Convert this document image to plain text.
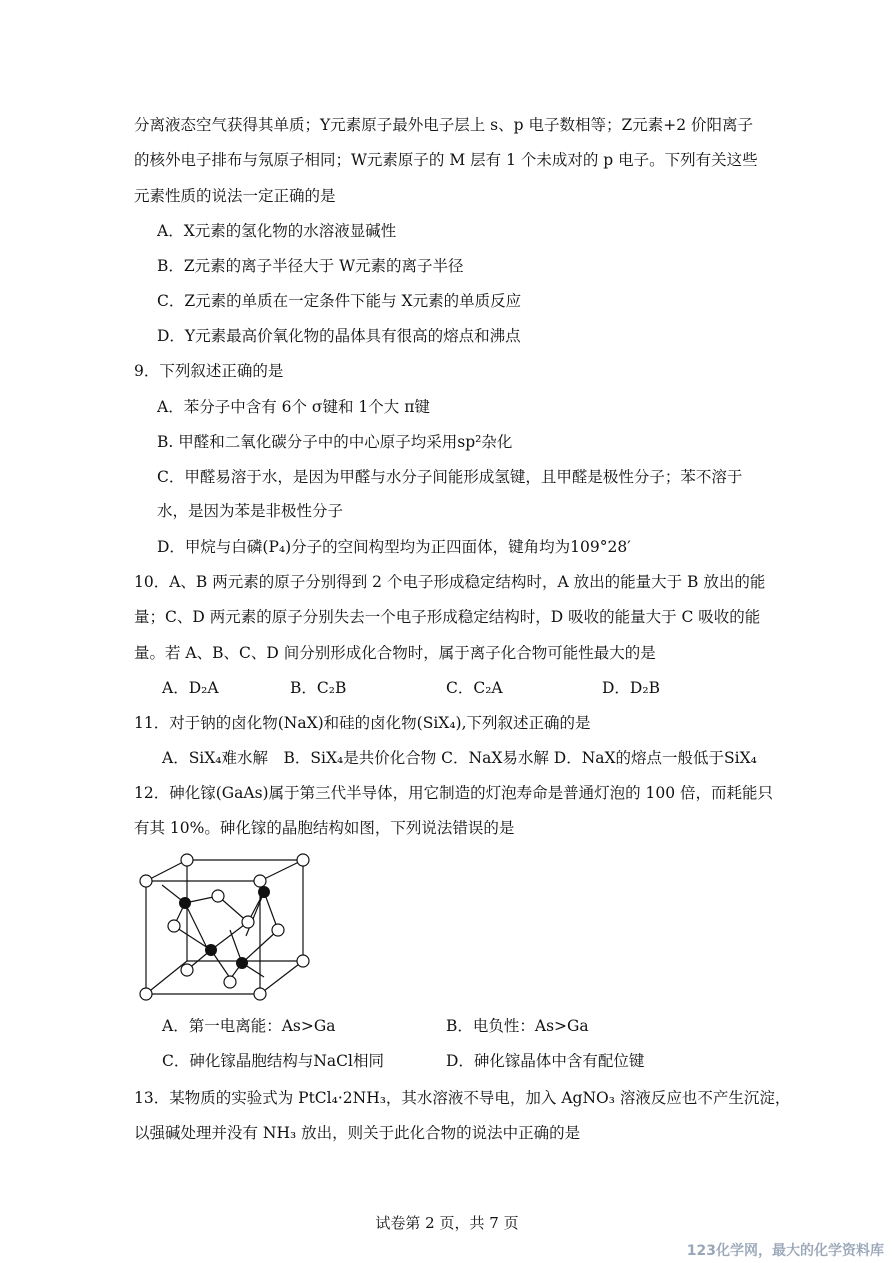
分离液态空气获得其单质；Y元素原子最外电子层上 s、p 电子数相等；Z元素+2 价阳离子
的核外电子排布与氖原子相同；W元素原子的 M 层有 1 个未成对的 p 电子。下列有关这些
元素性质的说法一定正确的是
A．X元素的氢化物的水溶液显碱性
B．Z元素的离子半径大于 W元素的离子半径
C．Z元素的单质在一定条件下能与 X元素的单质反应
D．Y元素最高价氧化物的晶体具有很高的熔点和沸点
9．下列叙述正确的是
A．苯分子中含有 6个 σ键和 1个大 π键
B. 甲醛和二氧化碳分子中的中心原子均采用sp²杂化
C．甲醛易溶于水，是因为甲醛与水分子间能形成氢键，且甲醛是极性分子；苯不溶于
水，是因为苯是非极性分子
D．甲烷与白磷(P₄)分子的空间构型均为正四面体，键角均为109°28′
10．A、B 两元素的原子分别得到 2 个电子形成稳定结构时，A 放出的能量大于 B 放出的能
量；C、D 两元素的原子分别失去一个电子形成稳定结构时，D 吸收的能量大于 C 吸收的能
量。若 A、B、C、D 间分别形成化合物时，属于离子化合物可能性最大的是
A．D₂A	B．C₂B	C．C₂A	D．D₂B
11．对于钠的卤化物(NaX)和硅的卤化物(SiX₄),下列叙述正确的是
A．SiX₄难水解　B．SiX₄是共价化合物 C．NaX易水解 D．NaX的熔点一般低于SiX₄
12．砷化镓(GaAs)属于第三代半导体，用它制造的灯泡寿命是普通灯泡的 100 倍，而耗能只
有其 10%。砷化镓的晶胞结构如图，下列说法错误的是
A．第一电离能：As>Ga	B．电负性：As>Ga
C．砷化镓晶胞结构与NaCl相同	D．砷化镓晶体中含有配位键
13．某物质的实验式为 PtCl₄·2NH₃，其水溶液不导电，加入 AgNO₃ 溶液反应也不产生沉淀，
以强碱处理并没有 NH₃ 放出，则关于此化合物的说法中正确的是
试卷第 2 页，共 7 页
123化学网，最大的化学资料库
